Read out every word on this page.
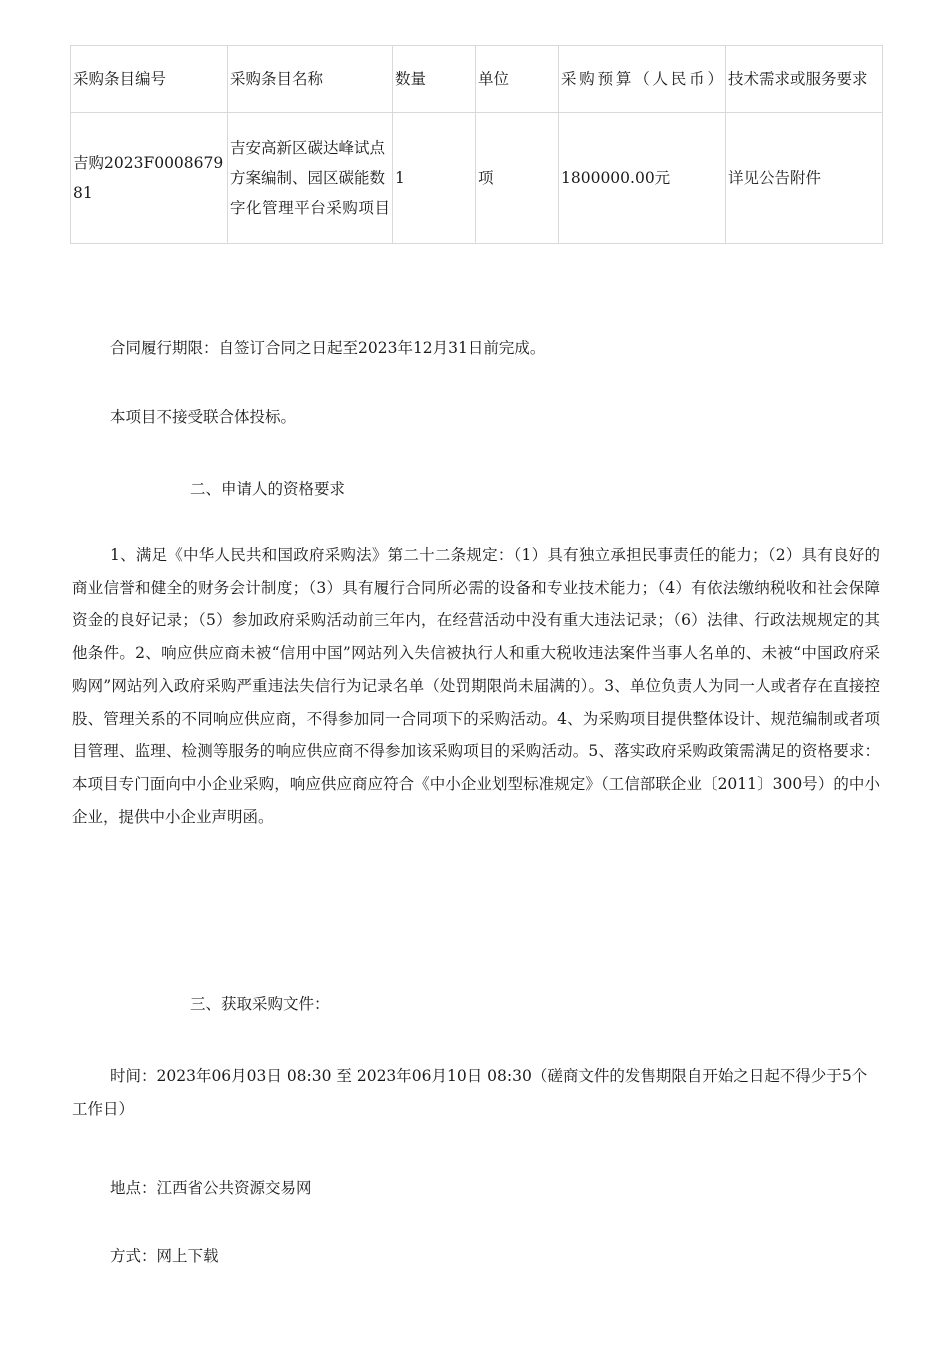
采购条目编号	采购条目名称	数量	单位	采购预算（人民币）	技术需求或服务要求
吉购2023F000867981	吉安高新区碳达峰试点方案编制、园区碳能数字化管理平台采购项目	1	项	1800000.00元	详见公告附件

合同履行期限：自签订合同之日起至2023年12月31日前完成。

本项目不接受联合体投标。

二、申请人的资格要求

1、满足《中华人民共和国政府采购法》第二十二条规定：（1）具有独立承担民事责任的能力；（2）具有良好的商业信誉和健全的财务会计制度；（3）具有履行合同所必需的设备和专业技术能力；（4）有依法缴纳税收和社会保障资金的良好记录；（5）参加政府采购活动前三年内，在经营活动中没有重大违法记录；（6）法律、行政法规规定的其他条件。2、响应供应商未被“信用中国”网站列入失信被执行人和重大税收违法案件当事人名单的、未被“中国政府采购网”网站列入政府采购严重违法失信行为记录名单（处罚期限尚未届满的）。3、单位负责人为同一人或者存在直接控股、管理关系的不同响应供应商，不得参加同一合同项下的采购活动。4、为采购项目提供整体设计、规范编制或者项目管理、监理、检测等服务的响应供应商不得参加该采购项目的采购活动。5、落实政府采购政策需满足的资格要求：本项目专门面向中小企业采购，响应供应商应符合《中小企业划型标准规定》（工信部联企业〔2011〕300号）的中小企业，提供中小企业声明函。

三、获取采购文件：

时间：2023年06月03日 08:30 至 2023年06月10日 08:30（磋商文件的发售期限自开始之日起不得少于5个工作日）

地点：江西省公共资源交易网

方式：网上下载
